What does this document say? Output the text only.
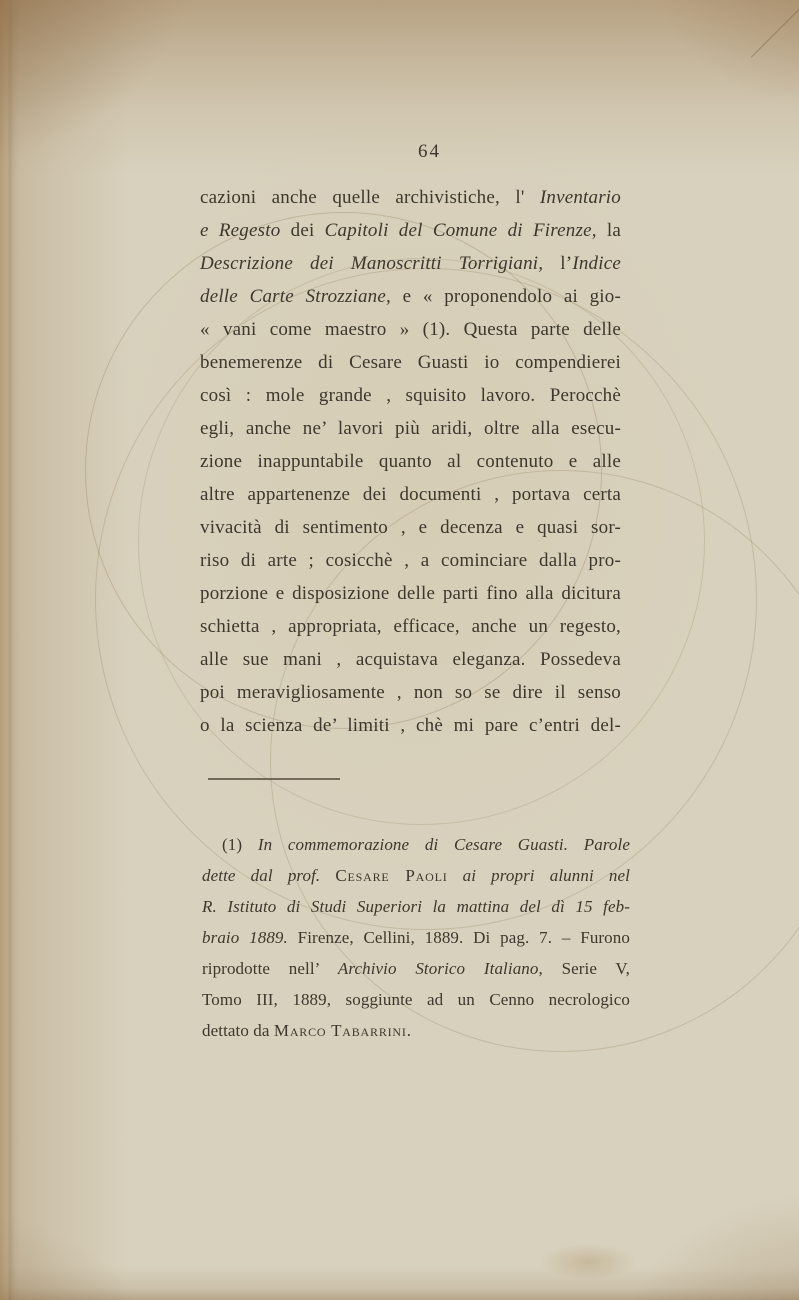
64
cazioni anche quelle archivistiche, l' Inventario
e Regesto dei Capitoli del Comune di Firenze, la
Descrizione dei Manoscritti Torrigiani, l’Indice
delle Carte Strozziane, e « proponendolo ai gio-
« vani come maestro » (1). Questa parte delle
benemerenze di Cesare Guasti io compendierei
così : mole grande , squisito lavoro. Perocchè
egli, anche ne’ lavori più aridi, oltre alla esecu-
zione inappuntabile quanto al contenuto e alle
altre appartenenze dei documenti , portava certa
vivacità di sentimento , e decenza e quasi sor-
riso di arte ; cosicchè , a cominciare dalla pro-
porzione e disposizione delle parti fino alla dicitura
schietta , appropriata, efficace, anche un regesto,
alle sue mani , acquistava eleganza. Possedeva
poi meravigliosamente , non so se dire il senso
o la scienza de’ limiti , chè mi pare c’entri del-
(1) In commemorazione di Cesare Guasti. Parole
dette dal prof. Cesare Paoli ai propri alunni nel
R. Istituto di Studi Superiori la mattina del dì 15 feb-
braio 1889. Firenze, Cellini, 1889. Di pag. 7. – Furono
riprodotte nell’ Archivio Storico Italiano, Serie V,
Tomo III, 1889, soggiunte ad un Cenno necrologico
dettato da Marco Tabarrini.
